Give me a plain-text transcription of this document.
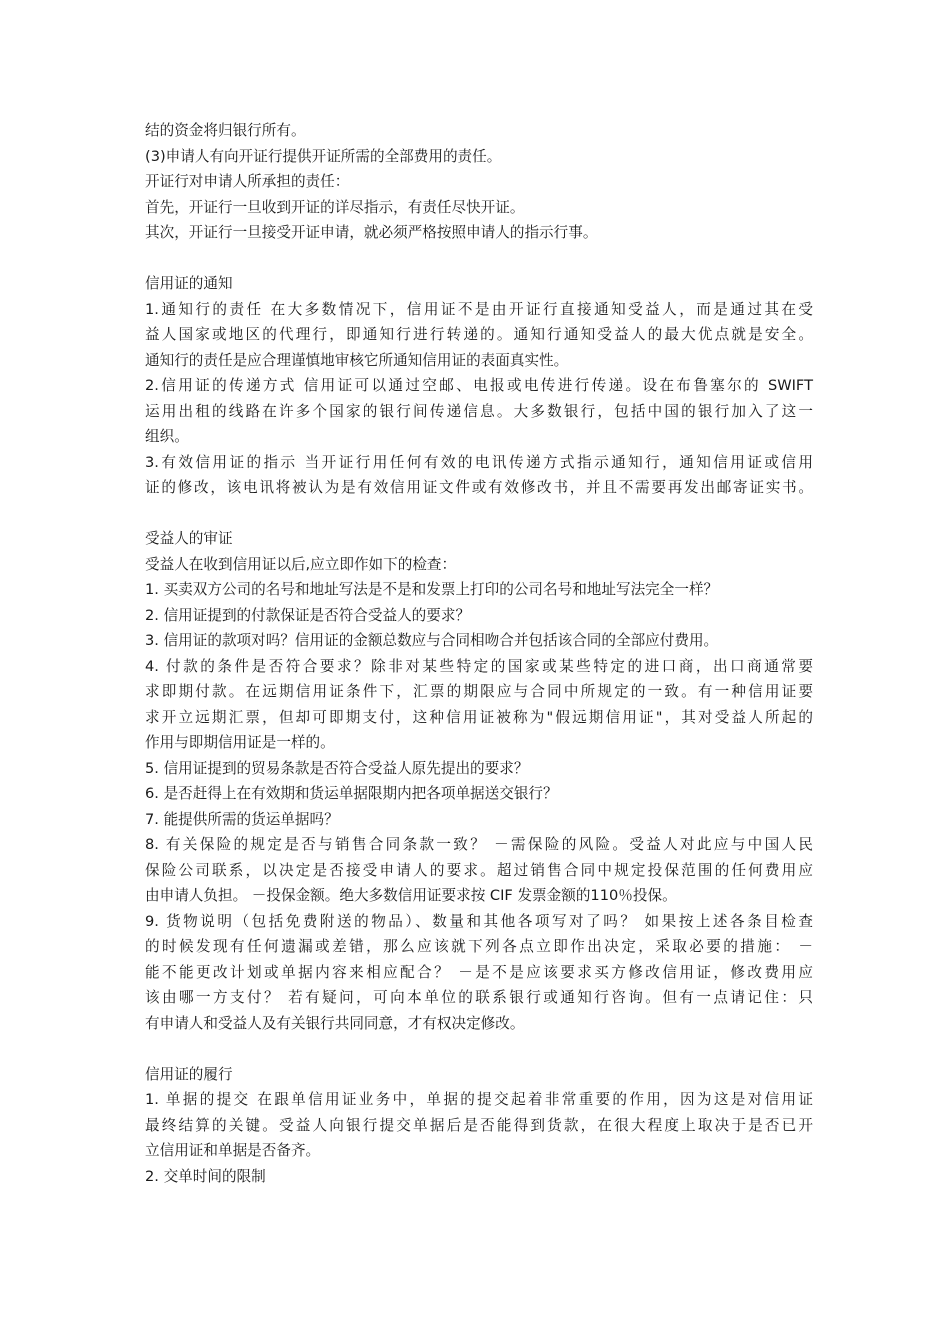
结的资金将归银行所有。
(3)申请人有向开证行提供开证所需的全部费用的责任。
开证行对申请人所承担的责任：
首先，开证行一旦收到开证的详尽指示，有责任尽快开证。
其次，开证行一旦接受开证申请，就必须严格按照申请人的指示行事。
信用证的通知
1.通知行的责任 在大多数情况下，信用证不是由开证行直接通知受益人，而是通过其在受
益人国家或地区的代理行，即通知行进行转递的。通知行通知受益人的最大优点就是安全。
通知行的责任是应合理谨慎地审核它所通知信用证的表面真实性。
2.信用证的传递方式 信用证可以通过空邮、电报或电传进行传递。设在布鲁塞尔的 SWIFT
运用出租的线路在许多个国家的银行间传递信息。大多数银行，包括中国的银行加入了这一
组织。
3.有效信用证的指示 当开证行用任何有效的电讯传递方式指示通知行，通知信用证或信用
证的修改，该电讯将被认为是有效信用证文件或有效修改书，并且不需要再发出邮寄证实书。
受益人的审证
受益人在收到信用证以后,应立即作如下的检查：
1. 买卖双方公司的名号和地址写法是不是和发票上打印的公司名号和地址写法完全一样？
2. 信用证提到的付款保证是否符合受益人的要求？
3. 信用证的款项对吗？信用证的金额总数应与合同相吻合并包括该合同的全部应付费用。
4. 付款的条件是否符合要求？除非对某些特定的国家或某些特定的进口商，出口商通常要
求即期付款。在远期信用证条件下，汇票的期限应与合同中所规定的一致。有一种信用证要
求开立远期汇票，但却可即期支付，这种信用证被称为"假远期信用证"，其对受益人所起的
作用与即期信用证是一样的。
5. 信用证提到的贸易条款是否符合受益人原先提出的要求？
6. 是否赶得上在有效期和货运单据限期内把各项单据送交银行？
7. 能提供所需的货运单据吗？
8. 有关保险的规定是否与销售合同条款一致？ －需保险的风险。受益人对此应与中国人民
保险公司联系，以决定是否接受申请人的要求。超过销售合同中规定投保范围的任何费用应
由申请人负担。 －投保金额。绝大多数信用证要求按 CIF 发票金额的110％投保。
9. 货物说明（包括免费附送的物品）、数量和其他各项写对了吗？ 如果按上述各条目检查
的时候发现有任何遗漏或差错，那么应该就下列各点立即作出决定，采取必要的措施： －
能不能更改计划或单据内容来相应配合？ －是不是应该要求买方修改信用证，修改费用应
该由哪一方支付？ 若有疑问，可向本单位的联系银行或通知行咨询。但有一点请记住：只
有申请人和受益人及有关银行共同同意，才有权决定修改。
信用证的履行
1. 单据的提交 在跟单信用证业务中，单据的提交起着非常重要的作用，因为这是对信用证
最终结算的关键。受益人向银行提交单据后是否能得到货款，在很大程度上取决于是否已开
立信用证和单据是否备齐。
2. 交单时间的限制
